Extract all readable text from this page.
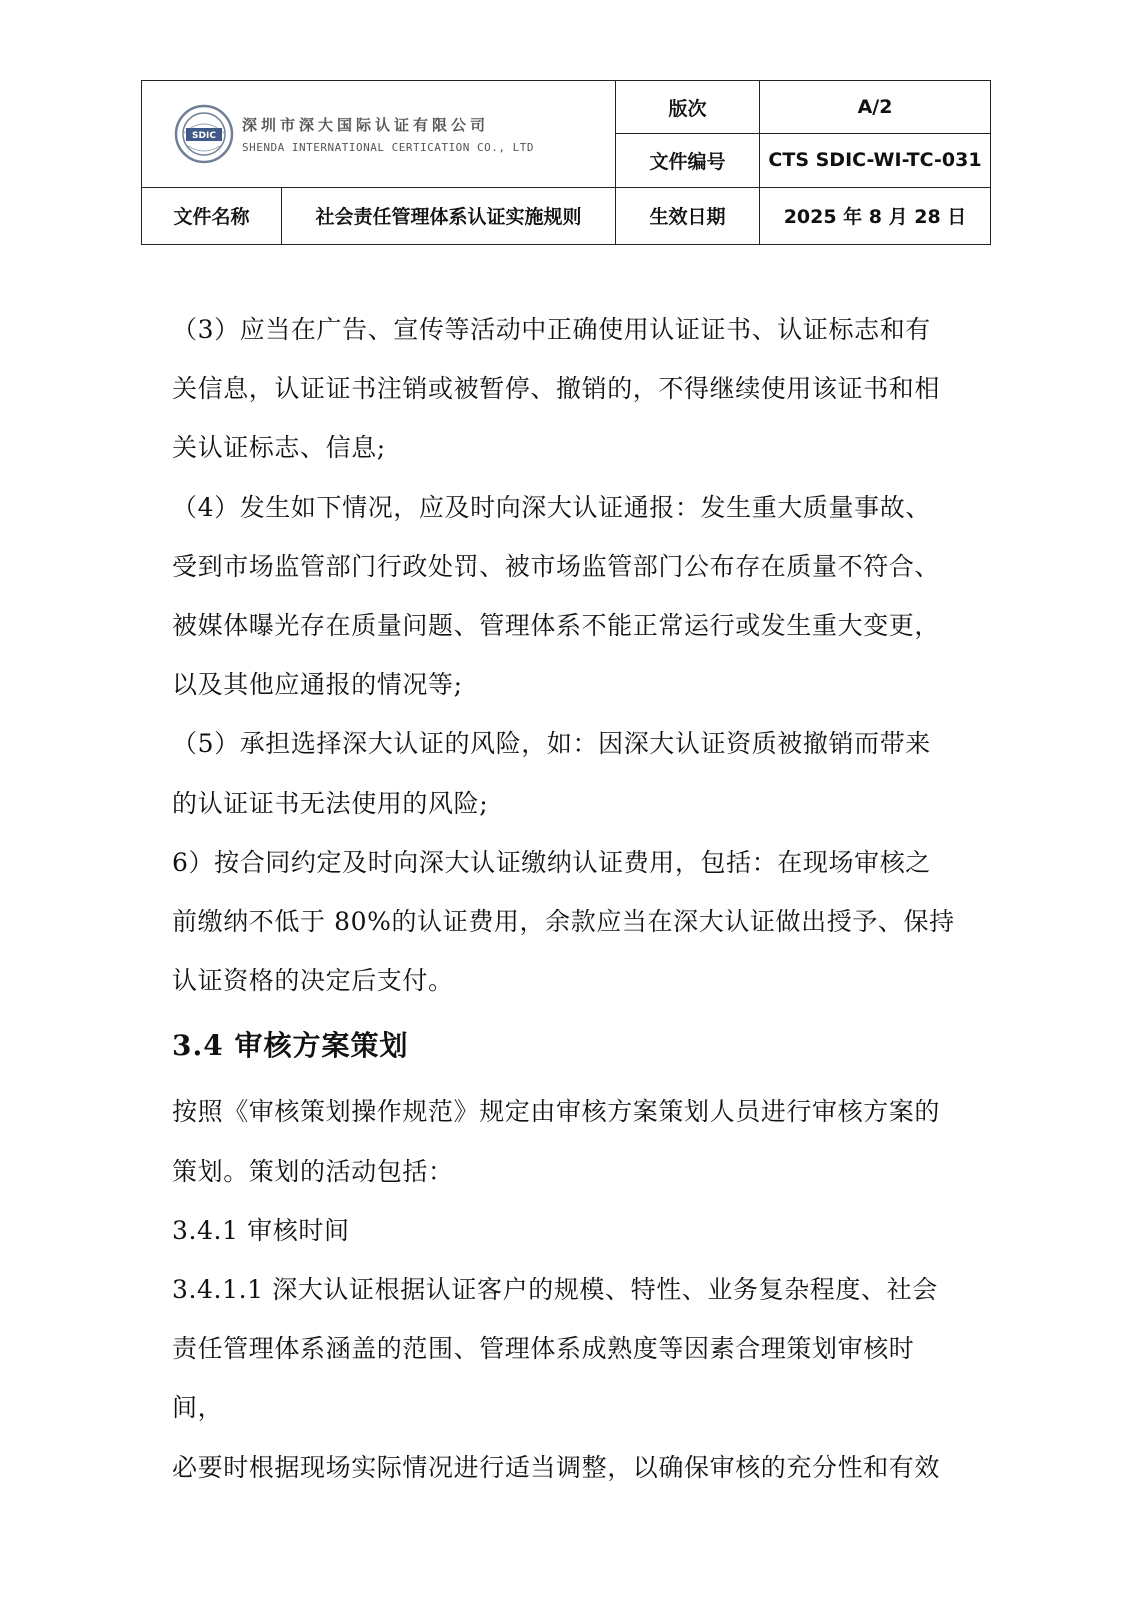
SDIC
深圳市深大国际认证有限公司
SHENDA INTERNATIONAL CERTICATION CO., LTD		版次	A/2
		文件编号	CTS SDIC-WI-TC-031
文件名称	社会责任管理体系认证实施规则	生效日期	2025 年 8 月 28 日

（3）应当在广告、宣传等活动中正确使用认证证书、认证标志和有

关信息，认证证书注销或被暂停、撤销的，不得继续使用该证书和相

关认证标志、信息;

（4）发生如下情况，应及时向深大认证通报：发生重大质量事故、

受到市场监管部门行政处罚、被市场监管部门公布存在质量不符合、

被媒体曝光存在质量问题、管理体系不能正常运行或发生重大变更，

以及其他应通报的情况等;

（5）承担选择深大认证的风险，如：因深大认证资质被撤销而带来

的认证证书无法使用的风险;

6）按合同约定及时向深大认证缴纳认证费用，包括：在现场审核之

前缴纳不低于 80%的认证费用，余款应当在深大认证做出授予、保持

认证资格的决定后支付。

3.4 审核方案策划

按照《审核策划操作规范》规定由审核方案策划人员进行审核方案的

策划。策划的活动包括：

3.4.1 审核时间

3.4.1.1 深大认证根据认证客户的规模、特性、业务复杂程度、社会

责任管理体系涵盖的范围、管理体系成熟度等因素合理策划审核时间，

必要时根据现场实际情况进行适当调整，以确保审核的充分性和有效
